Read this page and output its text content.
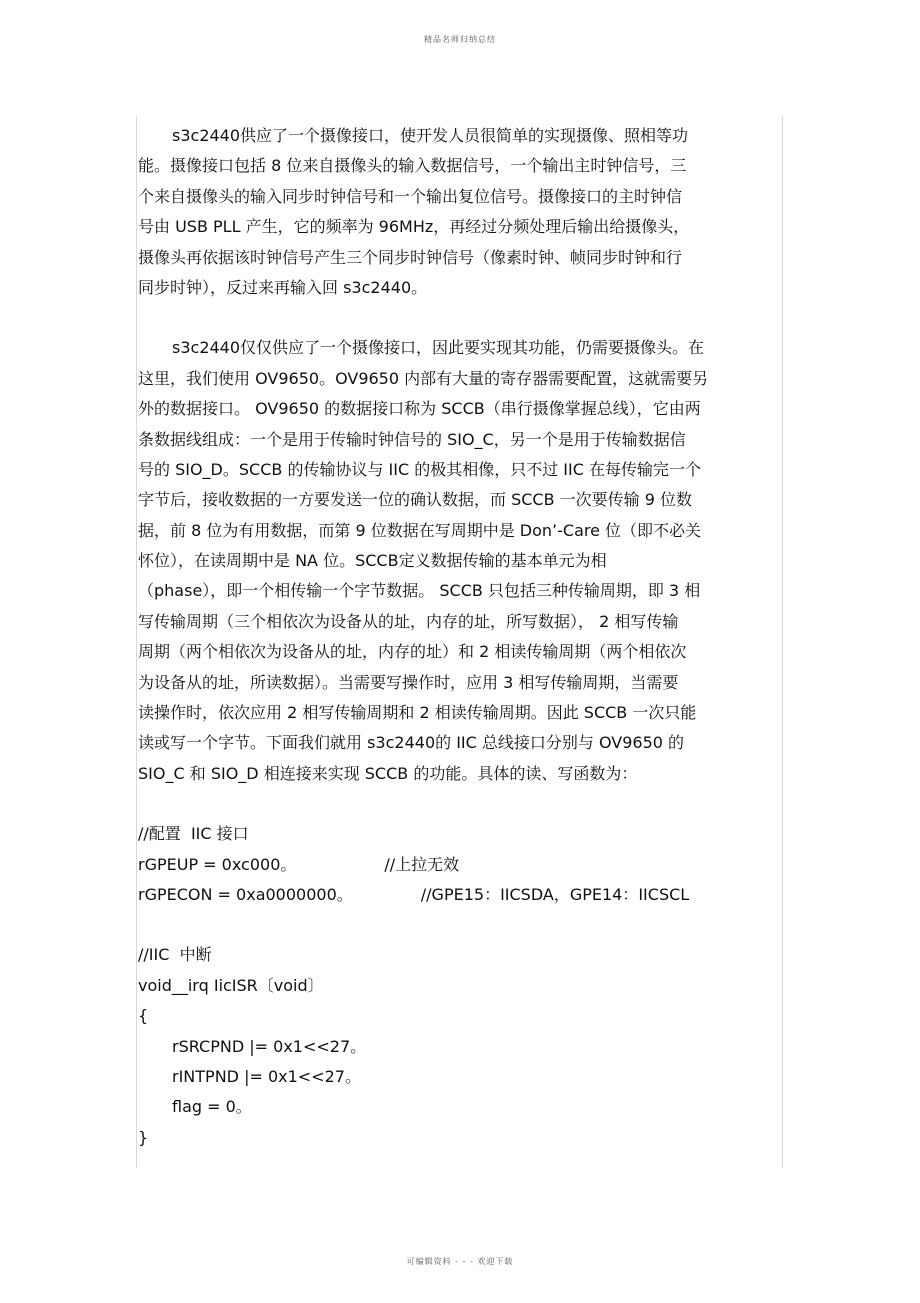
精品名师归纳总结

s3c2440供应了一个摄像接口，使开发人员很简单的实现摄像、照相等功

能。摄像接口包括 8 位来自摄像头的输入数据信号，一个输出主时钟信号，三

个来自摄像头的输入同步时钟信号和一个输出复位信号。摄像接口的主时钟信

号由 USB PLL 产生，它的频率为 96MHz，再经过分频处理后输出给摄像头，

摄像头再依据该时钟信号产生三个同步时钟信号（像素时钟、帧同步时钟和行

同步时钟），反过来再输入回 s3c2440。

s3c2440仅仅供应了一个摄像接口，因此要实现其功能，仍需要摄像头。在

这里，我们使用 OV9650。OV9650 内部有大量的寄存器需要配置，这就需要另

外的数据接口。 OV9650 的数据接口称为 SCCB（串行摄像掌握总线），它由两

条数据线组成：一个是用于传输时钟信号的 SIO_C，另一个是用于传输数据信

号的 SIO_D。SCCB 的传输协议与 IIC 的极其相像，只不过 IIC 在每传输完一个

字节后，接收数据的一方要发送一位的确认数据，而 SCCB 一次要传输 9 位数

据，前 8 位为有用数据，而第 9 位数据在写周期中是 Don’-Care 位（即不必关

怀位），在读周期中是 NA 位。SCCB定义数据传输的基本单元为相

（phase），即一个相传输一个字节数据。 SCCB 只包括三种传输周期，即 3 相

写传输周期（三个相依次为设备从的址，内存的址，所写数据）， 2 相写传输

周期（两个相依次为设备从的址，内存的址）和 2 相读传输周期（两个相依次

为设备从的址，所读数据）。当需要写操作时，应用 3 相写传输周期，当需要

读操作时，依次应用 2 相写传输周期和 2 相读传输周期。因此 SCCB 一次只能

读或写一个字节。下面我们就用 s3c2440的 IIC 总线接口分别与 OV9650 的

SIO_C 和 SIO_D 相连接来实现 SCCB 的功能。具体的读、写函数为：

//配置  IIC 接口

rGPEUP = 0xc000。	//上拉无效

rGPECON = 0xa0000000。	//GPE15：IICSDA，GPE14：IICSCL

//IIC  中断

void__irq IicISR〔void〕

{

rSRCPND |= 0x1<<27。

rINTPND |= 0x1<<27。

flag = 0。

}

可编辑资料 - - - 欢迎下载
